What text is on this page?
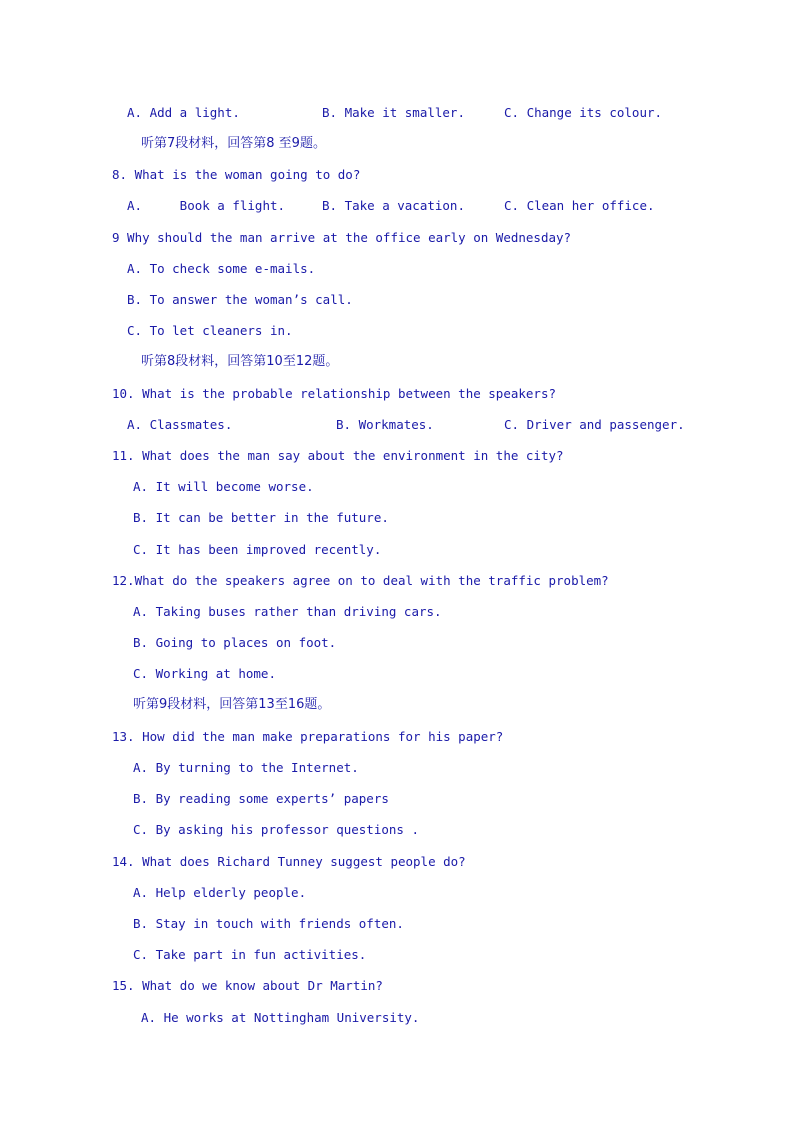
A. Add a light.	B. Make it smaller.	C. Change its colour.
听第7段材料，回答第8 至9题。
8. What is the woman going to do?
A.     Book a flight.	B. Take a vacation.	C. Clean her office.
9 Why should the man arrive at the office early on Wednesday?
A. To check some e-mails.
B. To answer the woman’s call.
C. To let cleaners in.
听第8段材料，回答第10至12题。
10. What is the probable relationship between the speakers?
A. Classmates.	B. Workmates.	C. Driver and passenger.
11. What does the man say about the environment in the city?
A. It will become worse.
B. It can be better in the future.
C. It has been improved recently.
12.What do the speakers agree on to deal with the traffic problem?
A. Taking buses rather than driving cars.
B. Going to places on foot.
C. Working at home.
听第9段材料，回答第13至16题。
13. How did the man make preparations for his paper?
A. By turning to the Internet.
B. By reading some experts’ papers
C. By asking his professor questions .
14. What does Richard Tunney suggest people do?
A. Help elderly people.
B. Stay in touch with friends often.
C. Take part in fun activities.
15. What do we know about Dr Martin?
A. He works at Nottingham University.
